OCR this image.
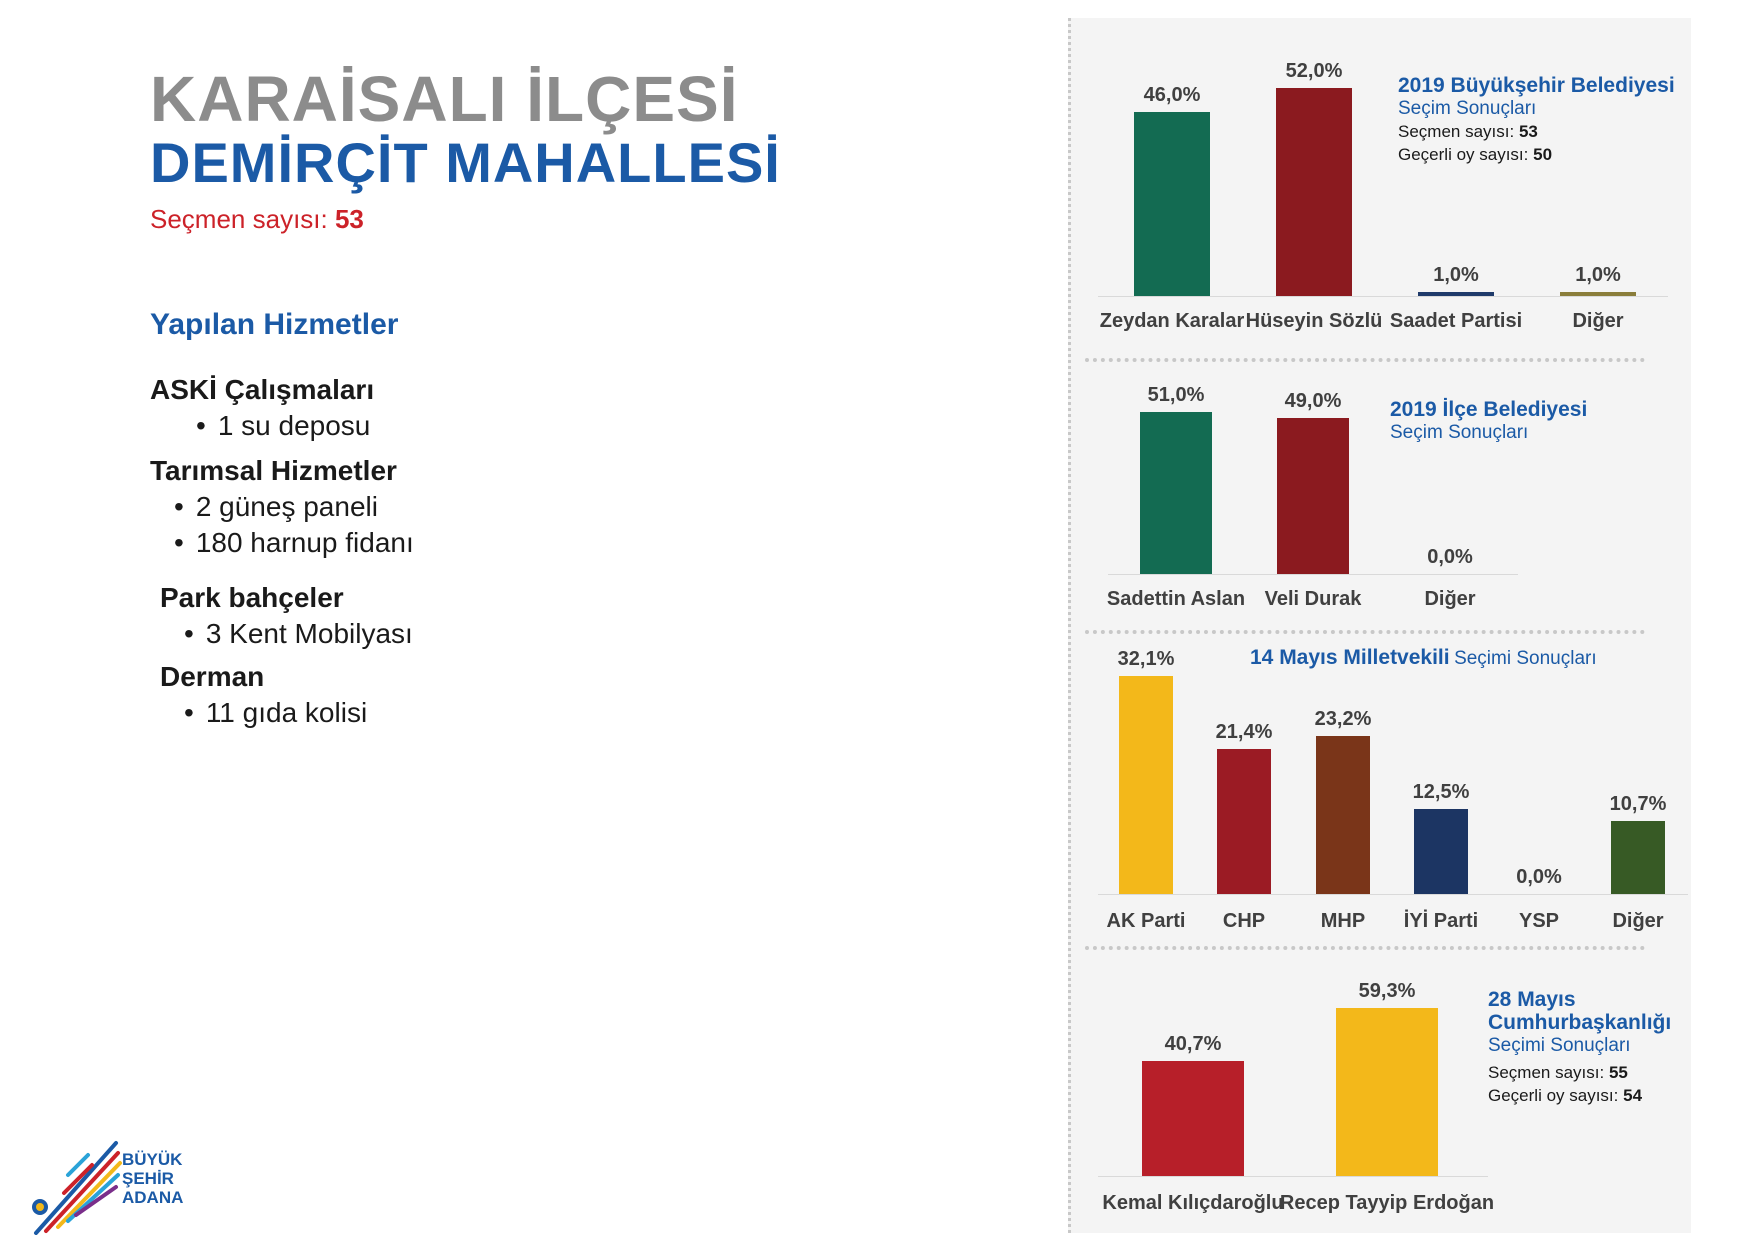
KARAİSALI İLÇESİ
DEMİRÇİT MAHALLESİ
Seçmen sayısı: 53
Yapılan Hizmetler
ASKİ Çalışmaları
• 1 su deposu
Tarımsal Hizmetler
• 2 güneş paneli
• 180 harnup fidanı
Park bahçeler
• 3 Kent Mobilyası
Derman
• 11 gıda kolisi
BÜYÜK
ŞEHİR
ADANA
46,0%
Zeydan Karalar
52,0%
Hüseyin Sözlü
1,0%
Saadet Partisi
1,0%
Diğer
2019 Büyükşehir Belediyesi
Seçim Sonuçları
Seçmen sayısı: 53
Geçerli oy sayısı: 50
51,0%
Sadettin Aslan
49,0%
Veli Durak
0,0%
Diğer
2019 İlçe Belediyesi
Seçim Sonuçları
32,1%
AK Parti
21,4%
CHP
23,2%
MHP
12,5%
İYİ Parti
0,0%
YSP
10,7%
Diğer
14 Mayıs Milletvekili Seçimi Sonuçları
40,7%
Kemal Kılıçdaroğlu
59,3%
Recep Tayyip Erdoğan
28 Mayıs
Cumhurbaşkanlığı
Seçimi Sonuçları
Seçmen sayısı: 55
Geçerli oy sayısı: 54
